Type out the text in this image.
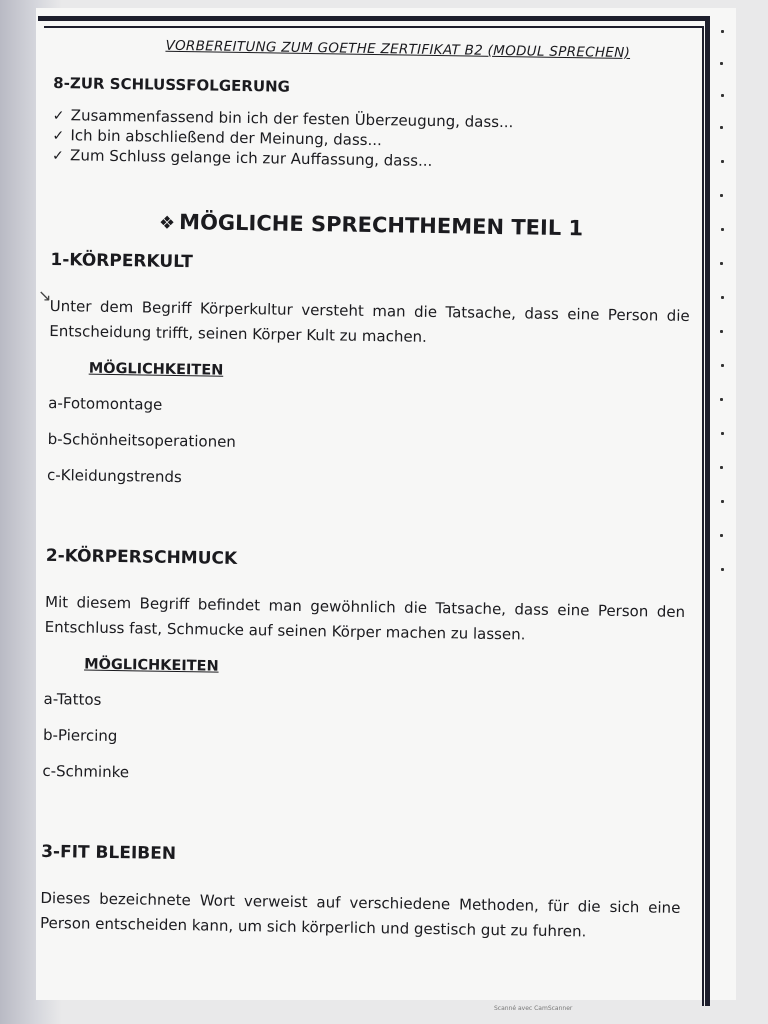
↘
VORBEREITUNG ZUM GOETHE ZERTIFIKAT B2 (MODUL SPRECHEN)
8-ZUR SCHLUSSFOLGERUNG
✓ Zusammenfassend bin ich der festen Überzeugung, dass...
✓ Ich bin abschließend der Meinung, dass...
✓ Zum Schluss gelange ich zur Auffassung, dass...
❖ MÖGLICHE SPRECHTHEMEN TEIL 1
1-KÖRPERKULT
Unter dem Begriff Körperkultur versteht man die Tatsache, dass eine Person die Entscheidung trifft, seinen Körper Kult zu machen.
MÖGLICHKEITEN
a-Fotomontage
b-Schönheitsoperationen
c-Kleidungstrends
2-KÖRPERSCHMUCK
Mit diesem Begriff befindet man gewöhnlich die Tatsache, dass eine Person den Entschluss fast, Schmucke auf seinen Körper machen zu lassen.
MÖGLICHKEITEN
a-Tattos
b-Piercing
c-Schminke
3-FIT BLEIBEN
Dieses bezeichnete Wort verweist auf verschiedene Methoden, für die sich eine Person entscheiden kann, um sich körperlich und gestisch gut zu fuhren.
Scanné avec CamScanner
